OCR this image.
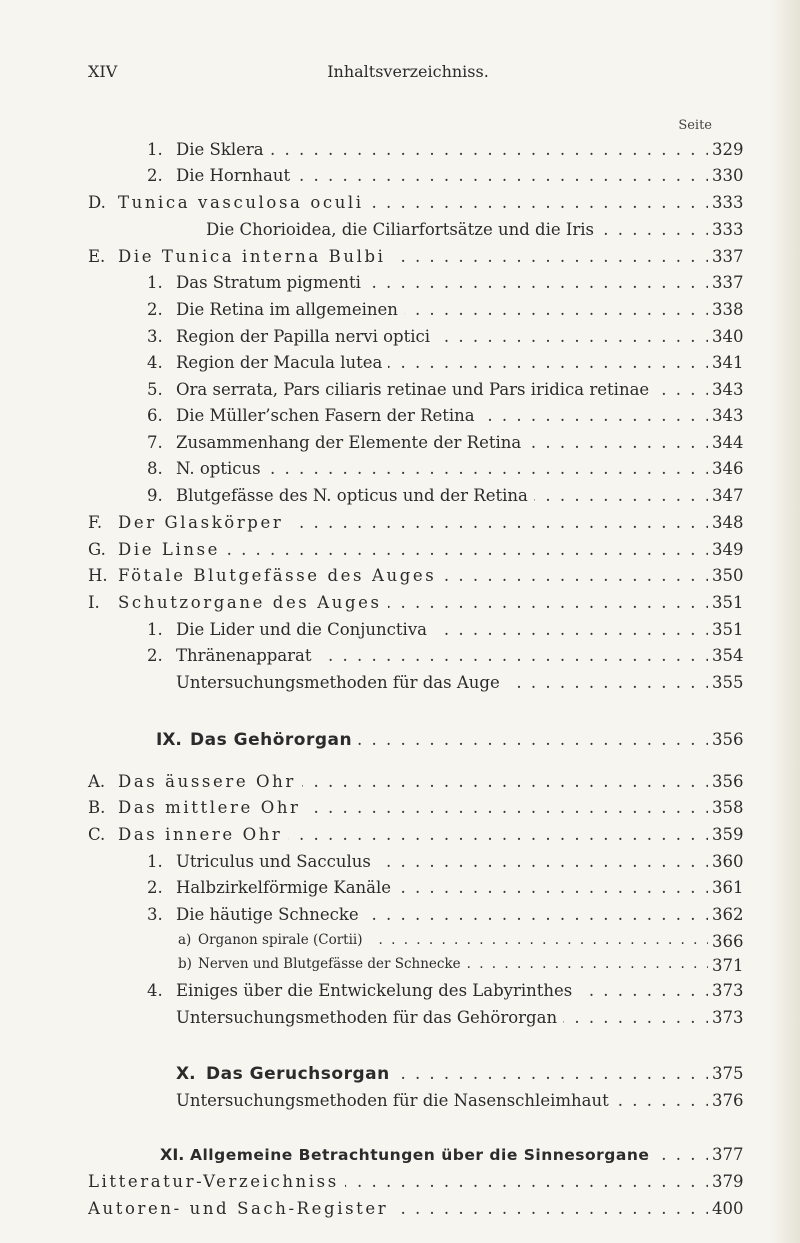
XIV	Inhaltsverzeichniss.
Seite
1. Die Sklera . . .	329
2. Die Hornhaut . . .	330
D. Tunica vasculosa oculi . . .	333
Die Chorioidea, die Ciliarfortsätze und die Iris . . .	333
E. Die Tunica interna Bulbi . . .	337
1. Das Stratum pigmenti . . .	337
2. Die Retina im allgemeinen . . .	338
3. Region der Papilla nervi optici . . .	340
4. Region der Macula lutea . . .	341
5. Ora serrata, Pars ciliaris retinae und Pars iridica retinae . . .	343
6. Die Müller’schen Fasern der Retina . . .	343
7. Zusammenhang der Elemente der Retina . . .	344
8. N. opticus . . .	346
9. Blutgefässe des N. opticus und der Retina . . .	347
F. Der Glaskörper . . .	348
G. Die Linse . . .	349
H. Fötale Blutgefässe des Auges . . .	350
I. Schutzorgane des Auges . . .	351
1. Die Lider und die Conjunctiva . . .	351
2. Thränenapparat . . .	354
Untersuchungsmethoden für das Auge . . .	355
IX. Das Gehörorgan . . .	356
A. Das äussere Ohr . . .	356
B. Das mittlere Ohr . . .	358
C. Das innere Ohr . . .	359
1. Utriculus und Sacculus . . .	360
2. Halbzirkelförmige Kanäle . . .	361
3. Die häutige Schnecke . . .	362
a) Organon spirale (Cortii) . . .	366
b) Nerven und Blutgefässe der Schnecke . . .	371
4. Einiges über die Entwickelung des Labyrinthes . . .	373
Untersuchungsmethoden für das Gehörorgan . . .	373
X. Das Geruchsorgan . . .	375
Untersuchungsmethoden für die Nasenschleimhaut . . .	376
XI. Allgemeine Betrachtungen über die Sinnesorgane . . .	377
Litteratur-Verzeichniss . . .	379
Autoren- und Sach-Register . . .	400
